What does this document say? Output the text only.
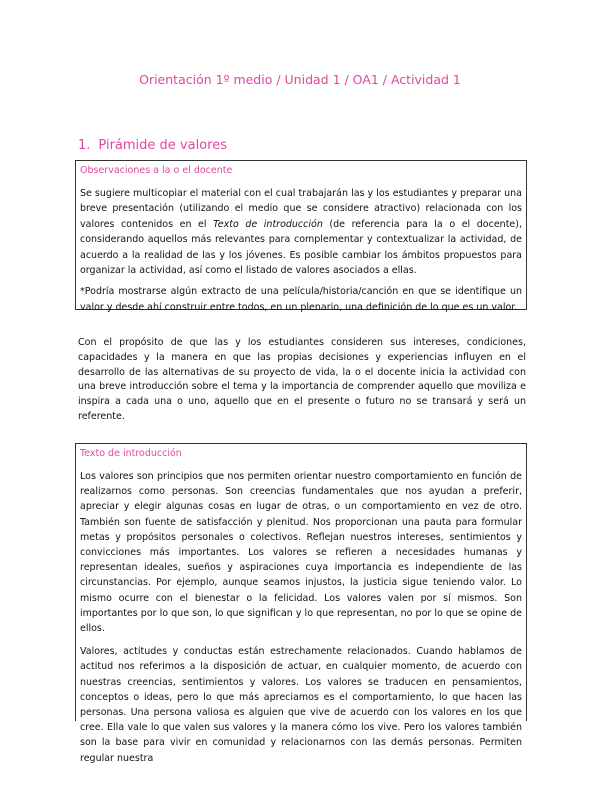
Orientación 1º medio / Unidad 1 / OA1 / Actividad 1
1. Pirámide de valores
Observaciones a la o el docente

Se sugiere multicopiar el material con el cual trabajarán las y los estudiantes y preparar una breve presentación (utilizando el medio que se considere atractivo) relacionada con los valores contenidos en el Texto de introducción (de referencia para la o el docente), considerando aquellos más relevantes para complementar y contextualizar la actividad, de acuerdo a la realidad de las y los jóvenes. Es posible cambiar los ámbitos propuestos para organizar la actividad, así como el listado de valores asociados a ellas.

*Podría mostrarse algún extracto de una película/historia/canción en que se identifique un valor y desde ahí construir entre todos, en un plenario, una definición de lo que es un valor.

Con el propósito de que las y los estudiantes consideren sus intereses, condiciones, capacidades y la manera en que las propias decisiones y experiencias influyen en el desarrollo de las alternativas de su proyecto de vida, la o el docente inicia la actividad con una breve introducción sobre el tema y la importancia de comprender aquello que moviliza e inspira a cada una o uno, aquello que en el presente o futuro no se transará y será un referente.

Texto de introducción

Los valores son principios que nos permiten orientar nuestro comportamiento en función de realizarnos como personas. Son creencias fundamentales que nos ayudan a preferir, apreciar y elegir algunas cosas en lugar de otras, o un comportamiento en vez de otro. También son fuente de satisfacción y plenitud. Nos proporcionan una pauta para formular metas y propósitos personales o colectivos. Reflejan nuestros intereses, sentimientos y convicciones más importantes. Los valores se refieren a necesidades humanas y representan ideales, sueños y aspiraciones cuya importancia es independiente de las circunstancias. Por ejemplo, aunque seamos injustos, la justicia sigue teniendo valor. Lo mismo ocurre con el bienestar o la felicidad. Los valores valen por sí mismos. Son importantes por lo que son, lo que significan y lo que representan, no por lo que se opine de ellos.

Valores, actitudes y conductas están estrechamente relacionados. Cuando hablamos de actitud nos referimos a la disposición de actuar, en cualquier momento, de acuerdo con nuestras creencias, sentimientos y valores. Los valores se traducen en pensamientos, conceptos o ideas, pero lo que más apreciamos es el comportamiento, lo que hacen las personas. Una persona valiosa es alguien que vive de acuerdo con los valores en los que cree. Ella vale lo que valen sus valores y la manera cómo los vive. Pero los valores también son la base para vivir en comunidad y relacionarnos con las demás personas. Permiten regular nuestra
